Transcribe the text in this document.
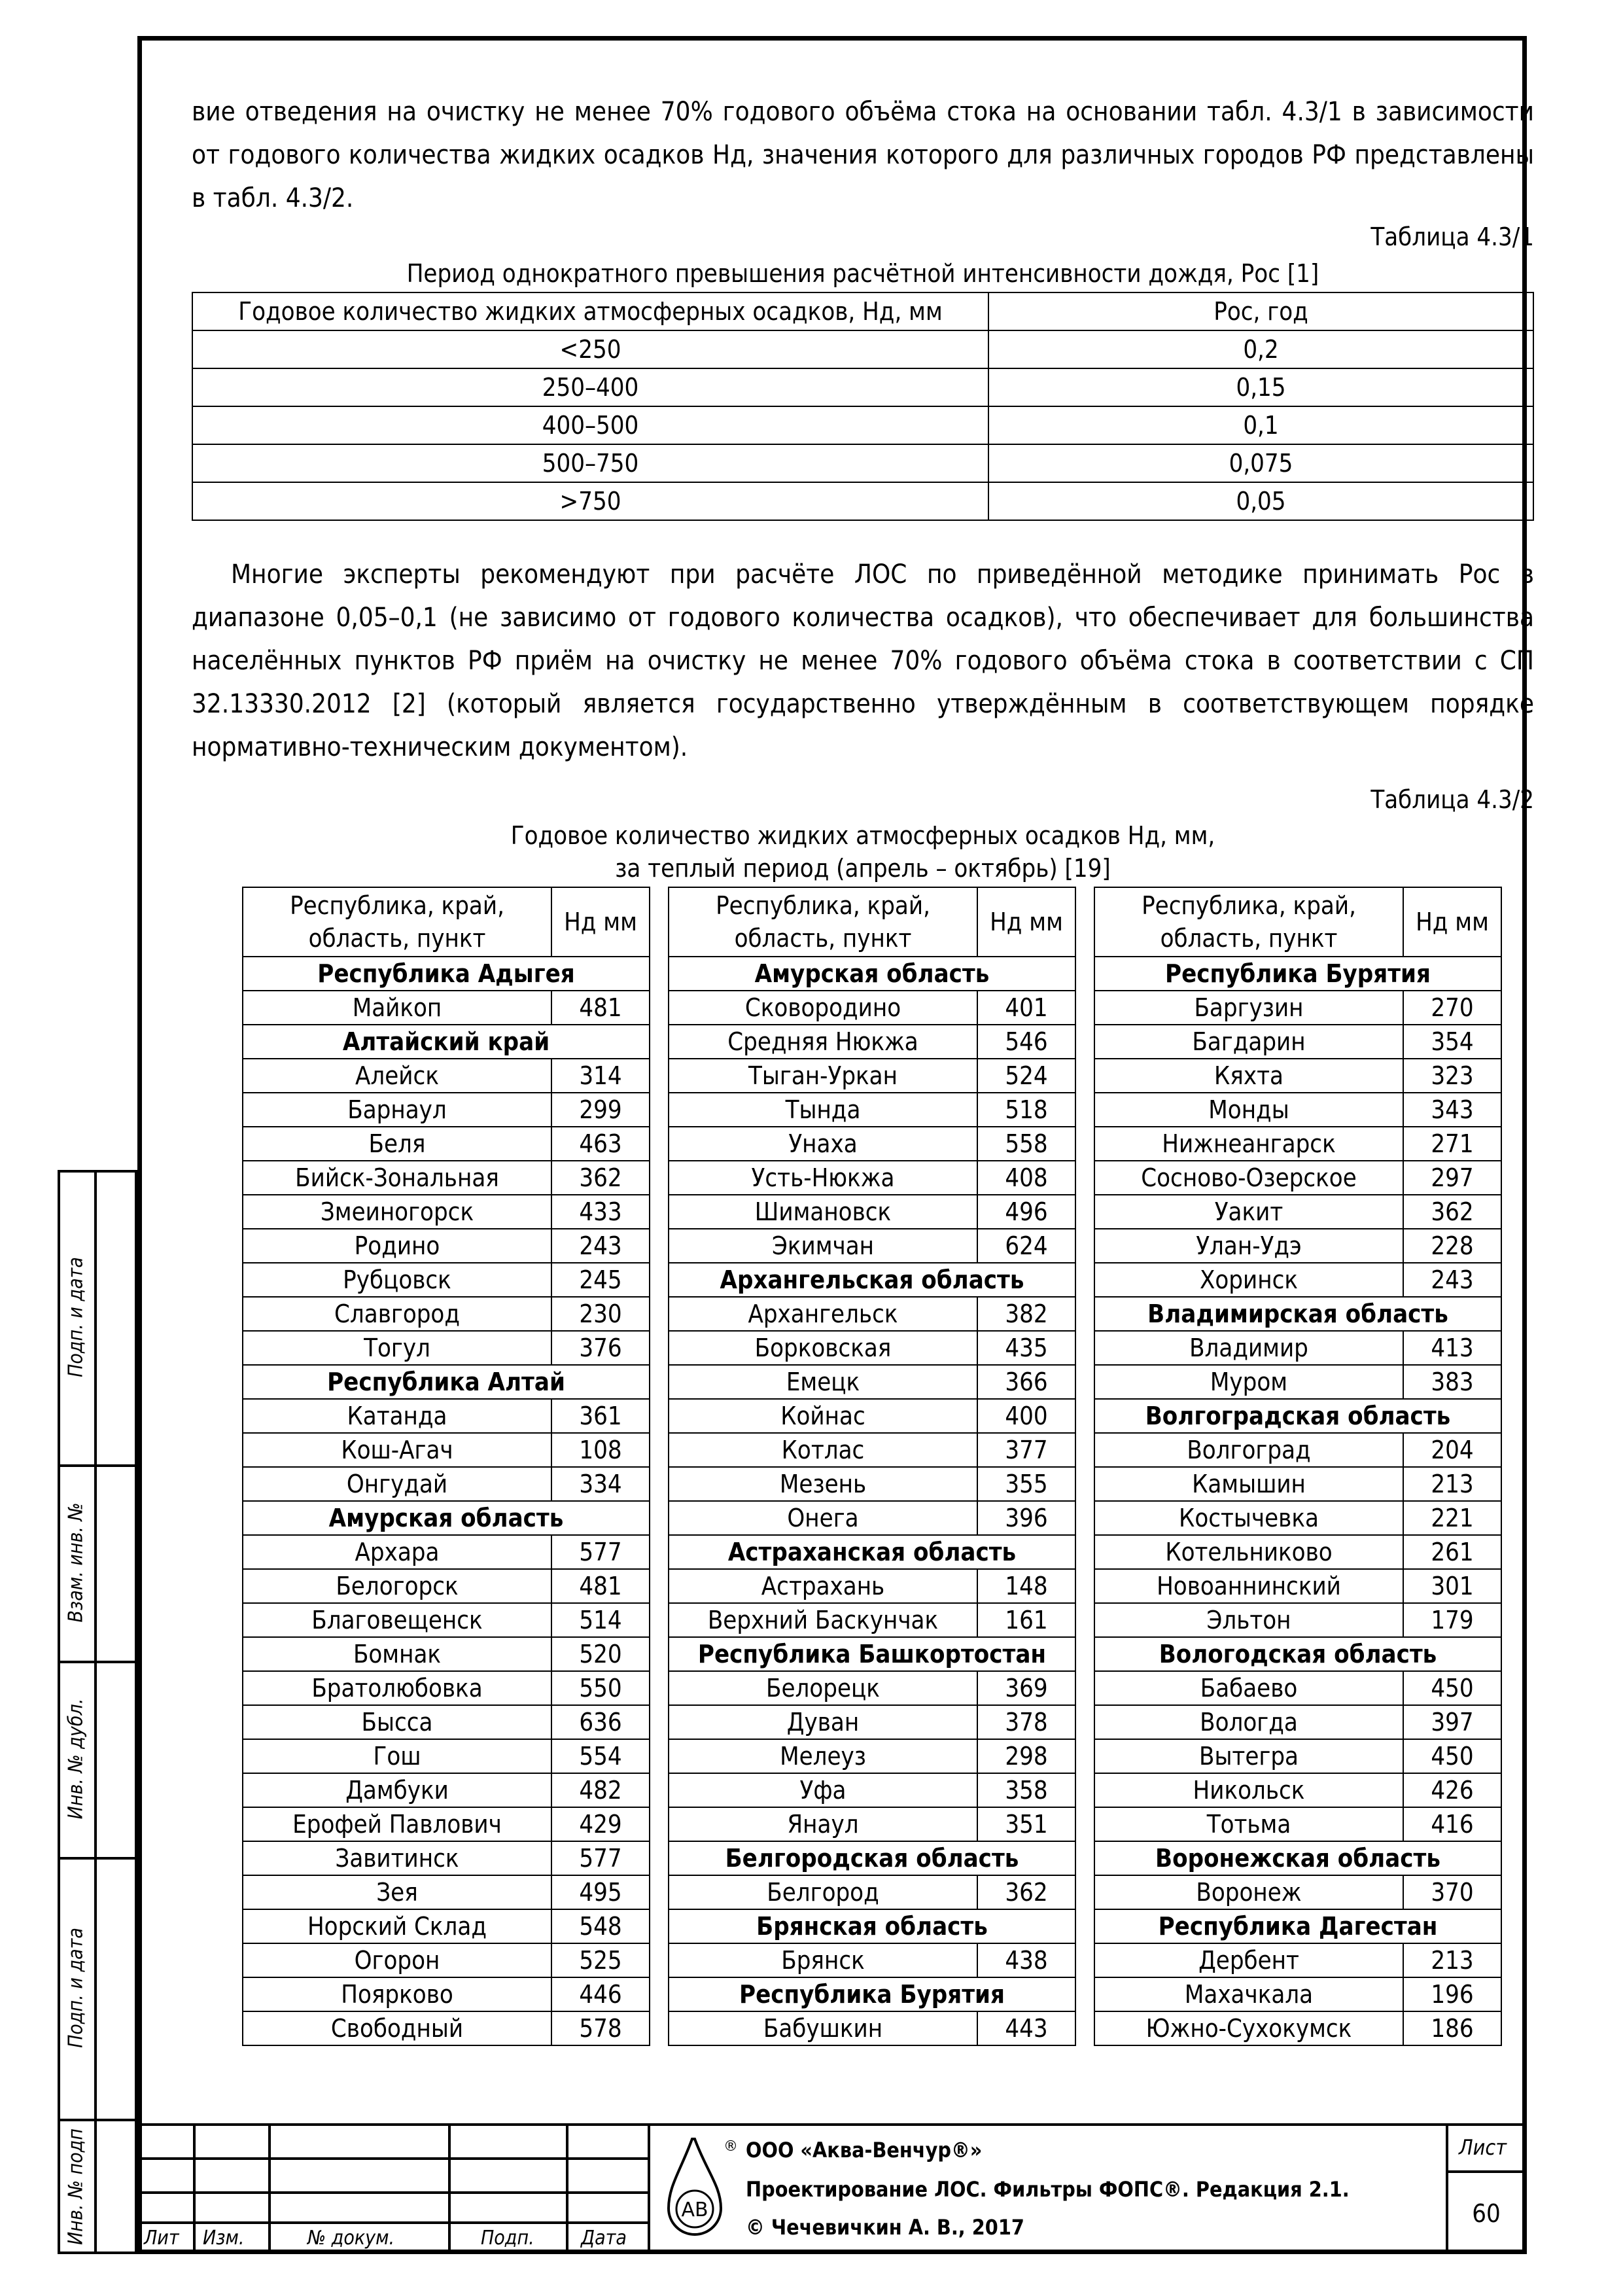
вие отведения на очистку не менее 70% годового объёма стока на основании табл. 4.3/1 в зависимости от годового количества жидких осадков Hд, значения которого для различных городов РФ представлены в табл. 4.3/2.

Таблица 4.3/1
Период однократного превышения расчётной интенсивности дождя, Pос [1]
Годовое количество жидких атмосферных осадков, Hд, мм	Pос, год
<250	0,2
250–400	0,15
400–500	0,1
500–750	0,075
>750	0,05

Многие эксперты рекомендуют при расчёте ЛОС по приведённой методике принимать Pос в диапазоне 0,05–0,1 (не зависимо от годового количества осадков), что обеспечивает для большинства населённых пунктов РФ приём на очистку не менее 70% годового объёма стока в соответствии с СП 32.13330.2012 [2] (который является государственно утверждённым в соответствующем порядке нормативно-техническим документом).

Таблица 4.3/2
Годовое количество жидких атмосферных осадков Hд, мм,
за теплый период (апрель – октябрь) [19]
Республика, край, область, пункт	Hд мм
Республика Адыгея	
Майкоп	481
Алтайский край	
Алейск	314
Барнаул	299
Беля	463
Бийск-Зональная	362
Змеиногорск	433
Родино	243
Рубцовск	245
Славгород	230
Тогул	376
Республика Алтай	
Катанда	361
Кош-Агач	108
Онгудай	334
Амурская область	
Архара	577
Белогорск	481
Благовещенск	514
Бомнак	520
Братолюбовка	550
Бысса	636
Гош	554
Дамбуки	482
Ерофей Павлович	429
Завитинск	577
Зея	495
Норский Склад	548
Огорон	525
Поярково	446
Свободный	578
Республика, край, область, пункт	Hд мм
Амурская область	
Сковородино	401
Средняя Нюкжа	546
Тыган-Уркан	524
Тында	518
Унаха	558
Усть-Нюкжа	408
Шимановск	496
Экимчан	624
Архангельская область	
Архангельск	382
Борковская	435
Емецк	366
Койнас	400
Котлас	377
Мезень	355
Онега	396
Астраханская область	
Астрахань	148
Верхний Баскунчак	161
Республика Башкортостан	
Белорецк	369
Дуван	378
Мелеуз	298
Уфа	358
Янаул	351
Белгородская область	
Белгород	362
Брянская область	
Брянск	438
Республика Бурятия	
Бабушкин	443
Республика, край, область, пункт	Hд мм
Республика Бурятия	
Баргузин	270
Багдарин	354
Кяхта	323
Монды	343
Нижнеангарск	271
Сосново-Озерское	297
Уакит	362
Улан-Удэ	228
Хоринск	243
Владимирская область	
Владимир	413
Муром	383
Волгоградская область	
Волгоград	204
Камышин	213
Костычевка	221
Котельниково	261
Новоаннинский	301
Эльтон	179
Вологодская область	
Бабаево	450
Вологда	397
Вытегра	450
Никольск	426
Тотьма	416
Воронежская область	
Воронеж	370
Республика Дагестан	
Дербент	213
Махачкала	196
Южно-Сухокумск	186
Подп. и дата
Взам. инв. №
Инв. № дубл.
Подп. и дата
Инв. № подп	Лит Изм.	№ докум.	Подп. Дата
АВ
® ООО «Аква-Венчур®»
Проектирование ЛОС. Фильтры ФОПС®. Редакция 2.1.
© Чечевичкин А. В., 2017
Лист
60
